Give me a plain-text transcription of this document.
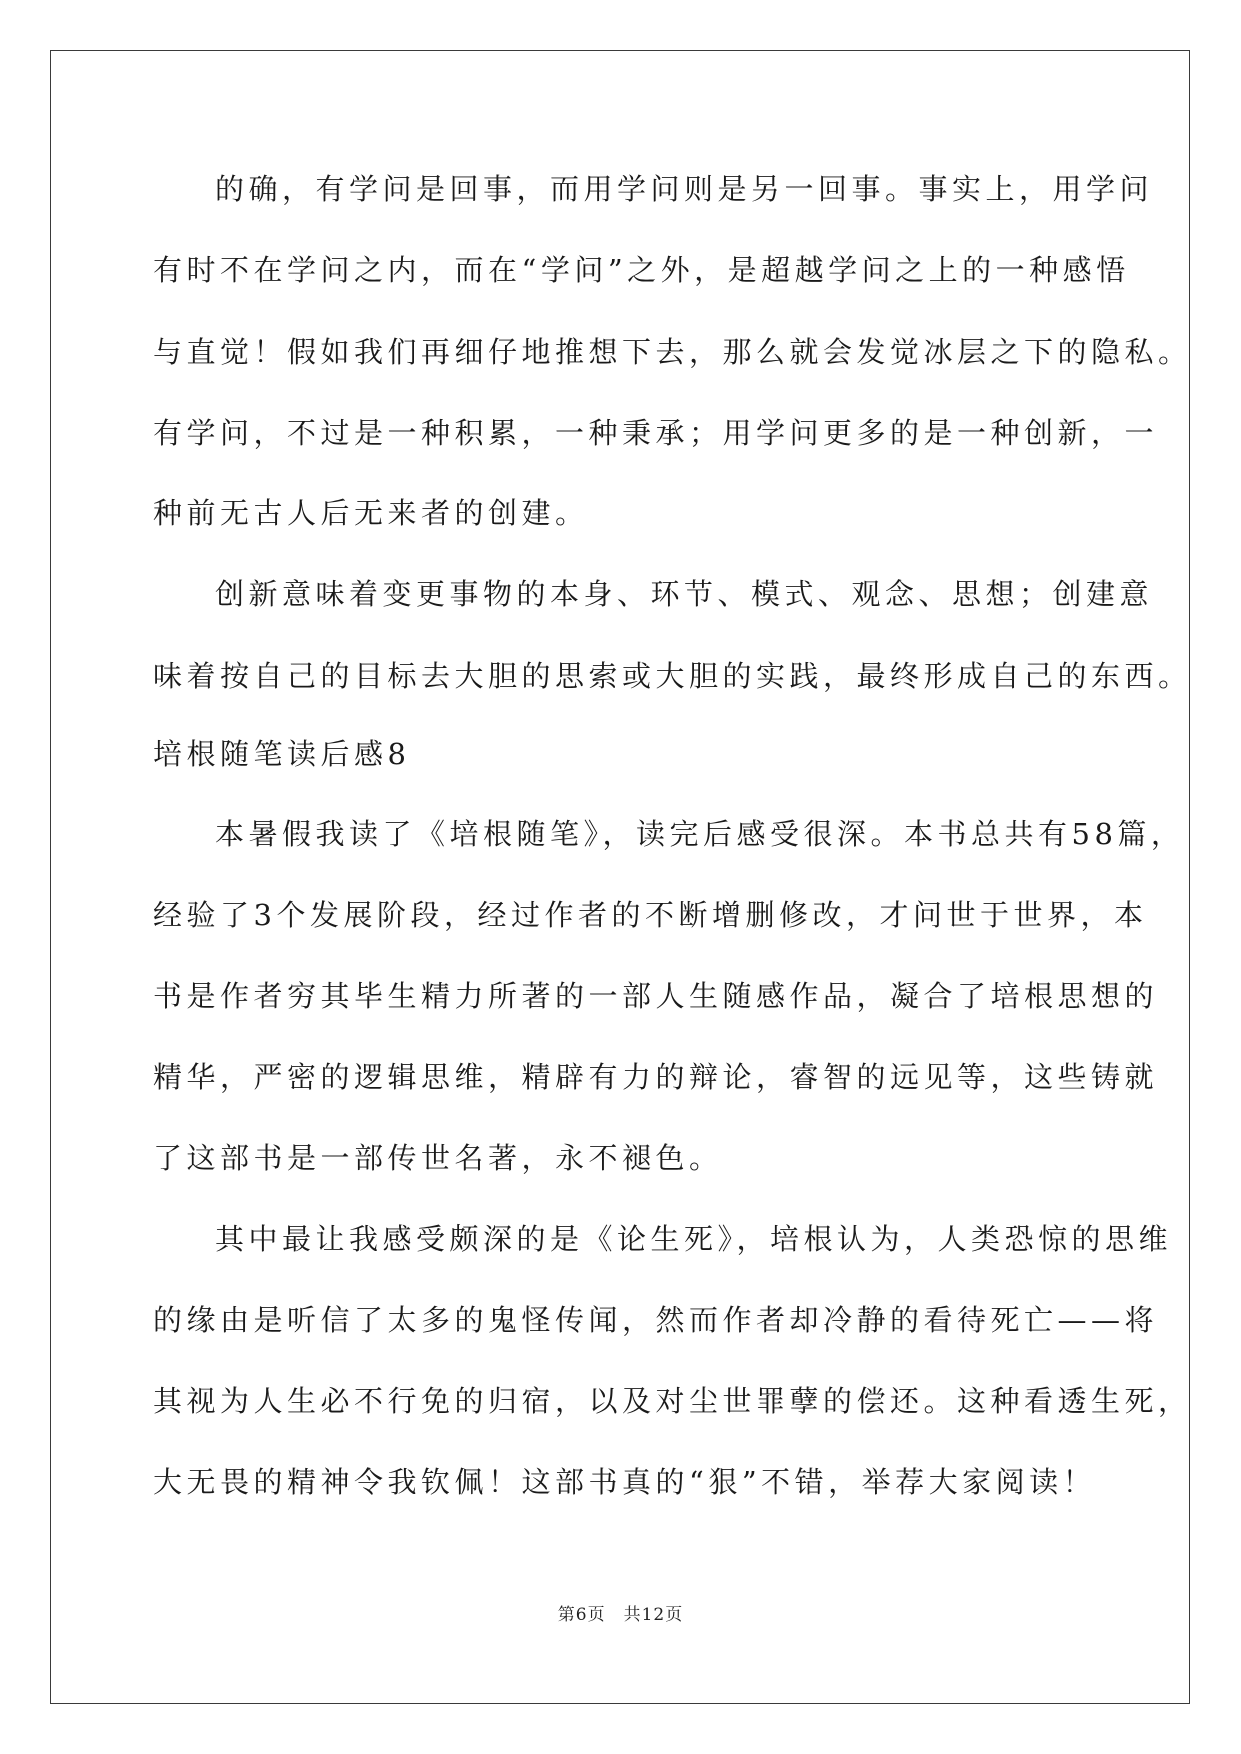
的确，有学问是回事，而用学问则是另一回事。事实上，用学问
有时不在学问之内，而在“学问”之外，是超越学问之上的一种感悟
与直觉！假如我们再细仔地推想下去，那么就会发觉冰层之下的隐私。
有学问，不过是一种积累，一种秉承；用学问更多的是一种创新，一
种前无古人后无来者的创建。
创新意味着变更事物的本身、环节、模式、观念、思想；创建意
味着按自己的目标去大胆的思索或大胆的实践，最终形成自己的东西。
培根随笔读后感8
本暑假我读了《培根随笔》，读完后感受很深。本书总共有58篇，
经验了3个发展阶段，经过作者的不断增删修改，才问世于世界，本
书是作者穷其毕生精力所著的一部人生随感作品，凝合了培根思想的
精华，严密的逻辑思维，精辟有力的辩论，睿智的远见等，这些铸就
了这部书是一部传世名著，永不褪色。
其中最让我感受颇深的是《论生死》，培根认为，人类恐惊的思维
的缘由是听信了太多的鬼怪传闻，然而作者却冷静的看待死亡——将
其视为人生必不行免的归宿，以及对尘世罪孽的偿还。这种看透生死，
大无畏的精神令我钦佩！这部书真的“狠”不错，举荐大家阅读！
第6页 共12页
